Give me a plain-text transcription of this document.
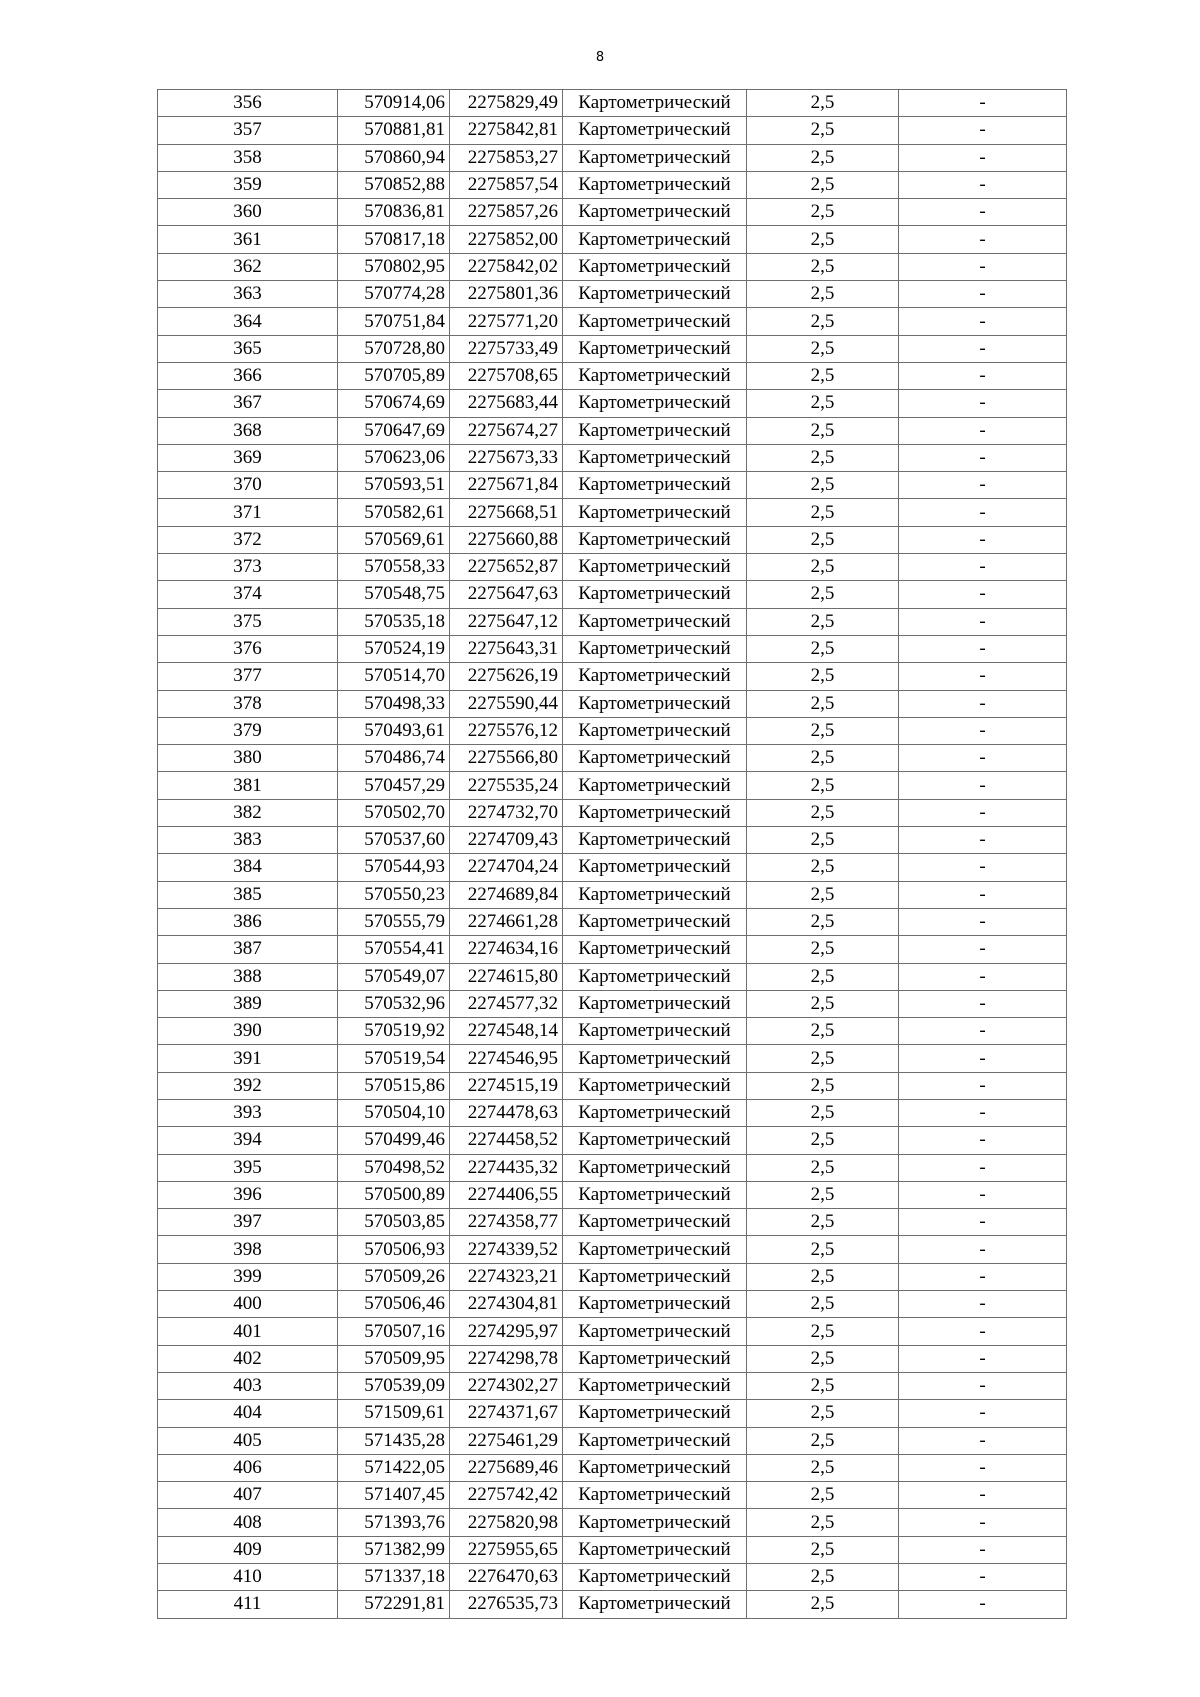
8
356	570914,06	2275829,49	Картометрический	2,5	-
357	570881,81	2275842,81	Картометрический	2,5	-
358	570860,94	2275853,27	Картометрический	2,5	-
359	570852,88	2275857,54	Картометрический	2,5	-
360	570836,81	2275857,26	Картометрический	2,5	-
361	570817,18	2275852,00	Картометрический	2,5	-
362	570802,95	2275842,02	Картометрический	2,5	-
363	570774,28	2275801,36	Картометрический	2,5	-
364	570751,84	2275771,20	Картометрический	2,5	-
365	570728,80	2275733,49	Картометрический	2,5	-
366	570705,89	2275708,65	Картометрический	2,5	-
367	570674,69	2275683,44	Картометрический	2,5	-
368	570647,69	2275674,27	Картометрический	2,5	-
369	570623,06	2275673,33	Картометрический	2,5	-
370	570593,51	2275671,84	Картометрический	2,5	-
371	570582,61	2275668,51	Картометрический	2,5	-
372	570569,61	2275660,88	Картометрический	2,5	-
373	570558,33	2275652,87	Картометрический	2,5	-
374	570548,75	2275647,63	Картометрический	2,5	-
375	570535,18	2275647,12	Картометрический	2,5	-
376	570524,19	2275643,31	Картометрический	2,5	-
377	570514,70	2275626,19	Картометрический	2,5	-
378	570498,33	2275590,44	Картометрический	2,5	-
379	570493,61	2275576,12	Картометрический	2,5	-
380	570486,74	2275566,80	Картометрический	2,5	-
381	570457,29	2275535,24	Картометрический	2,5	-
382	570502,70	2274732,70	Картометрический	2,5	-
383	570537,60	2274709,43	Картометрический	2,5	-
384	570544,93	2274704,24	Картометрический	2,5	-
385	570550,23	2274689,84	Картометрический	2,5	-
386	570555,79	2274661,28	Картометрический	2,5	-
387	570554,41	2274634,16	Картометрический	2,5	-
388	570549,07	2274615,80	Картометрический	2,5	-
389	570532,96	2274577,32	Картометрический	2,5	-
390	570519,92	2274548,14	Картометрический	2,5	-
391	570519,54	2274546,95	Картометрический	2,5	-
392	570515,86	2274515,19	Картометрический	2,5	-
393	570504,10	2274478,63	Картометрический	2,5	-
394	570499,46	2274458,52	Картометрический	2,5	-
395	570498,52	2274435,32	Картометрический	2,5	-
396	570500,89	2274406,55	Картометрический	2,5	-
397	570503,85	2274358,77	Картометрический	2,5	-
398	570506,93	2274339,52	Картометрический	2,5	-
399	570509,26	2274323,21	Картометрический	2,5	-
400	570506,46	2274304,81	Картометрический	2,5	-
401	570507,16	2274295,97	Картометрический	2,5	-
402	570509,95	2274298,78	Картометрический	2,5	-
403	570539,09	2274302,27	Картометрический	2,5	-
404	571509,61	2274371,67	Картометрический	2,5	-
405	571435,28	2275461,29	Картометрический	2,5	-
406	571422,05	2275689,46	Картометрический	2,5	-
407	571407,45	2275742,42	Картометрический	2,5	-
408	571393,76	2275820,98	Картометрический	2,5	-
409	571382,99	2275955,65	Картометрический	2,5	-
410	571337,18	2276470,63	Картометрический	2,5	-
411	572291,81	2276535,73	Картометрический	2,5	-
